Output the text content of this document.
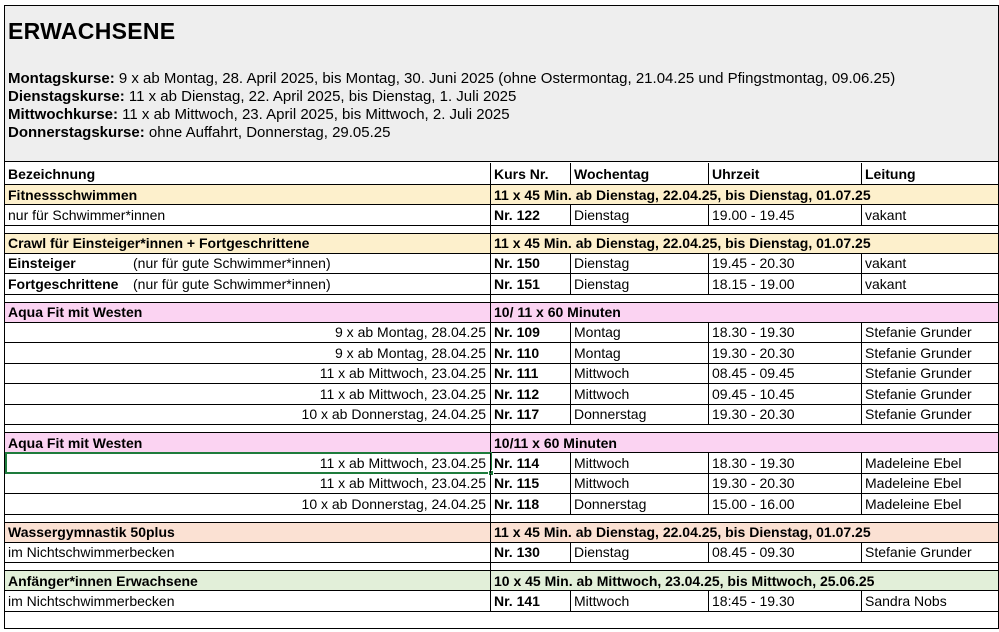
ERWACHSENE
Montagskurse: 9 x ab Montag, 28. April 2025, bis Montag, 30. Juni 2025 (ohne Ostermontag, 21.04.25 und Pfingstmontag, 09.06.25)
Dienstagskurse: 11 x ab Dienstag, 22. April 2025, bis Dienstag, 1. Juli 2025
Mittwochkurse: 11 x ab Mittwoch, 23. April 2025, bis Mittwoch, 2. Juli 2025
Donnerstagskurse: ohne Auffahrt, Donnerstag, 29.05.25
Bezeichnung	Kurs Nr.	Wochentag	Uhrzeit	Leitung
Fitnessschwimmen	11 x 45 Min. ab Dienstag, 22.04.25, bis Dienstag, 01.07.25
nur für Schwimmer*innen	Nr. 122	Dienstag	19.00 - 19.45	vakant
Crawl für Einsteiger*innen + Fortgeschrittene	11 x 45 Min. ab Dienstag, 22.04.25, bis Dienstag, 01.07.25
Einsteiger	(nur für gute Schwimmer*innen)	Nr. 150	Dienstag	19.45 - 20.30	vakant
Fortgeschrittene (nur für gute Schwimmer*innen)	Nr. 151	Dienstag	18.15 - 19.00	vakant
Aqua Fit mit Westen	10/ 11 x 60 Minuten
9 x ab Montag, 28.04.25 Nr. 109	Montag	18.30 - 19.30	Stefanie Grunder
9 x ab Montag, 28.04.25 Nr. 110	Montag	19.30 - 20.30	Stefanie Grunder
11 x ab Mittwoch, 23.04.25 Nr. 111	Mittwoch	08.45 - 09.45	Stefanie Grunder
11 x ab Mittwoch, 23.04.25 Nr. 112	Mittwoch	09.45 - 10.45	Stefanie Grunder
10 x ab Donnerstag, 24.04.25 Nr. 117	Donnerstag	19.30 - 20.30	Stefanie Grunder
Aqua Fit mit Westen	10/11 x 60 Minuten
11 x ab Mittwoch, 23.04.25 Nr. 114	Mittwoch	18.30 - 19.30	Madeleine Ebel
11 x ab Mittwoch, 23.04.25 Nr. 115	Mittwoch	19.30 - 20.30	Madeleine Ebel
10 x ab Donnerstag, 24.04.25 Nr. 118	Donnerstag	15.00 - 16.00	Madeleine Ebel
Wassergymnastik 50plus	11 x 45 Min. ab Dienstag, 22.04.25, bis Dienstag, 01.07.25
im Nichtschwimmerbecken	Nr. 130	Dienstag	08.45 - 09.30	Stefanie Grunder
Anfänger*innen Erwachsene	10 x 45 Min. ab Mittwoch, 23.04.25, bis Mittwoch, 25.06.25
im Nichtschwimmerbecken	Nr. 141	Mittwoch	18:45 - 19.30	Sandra Nobs
